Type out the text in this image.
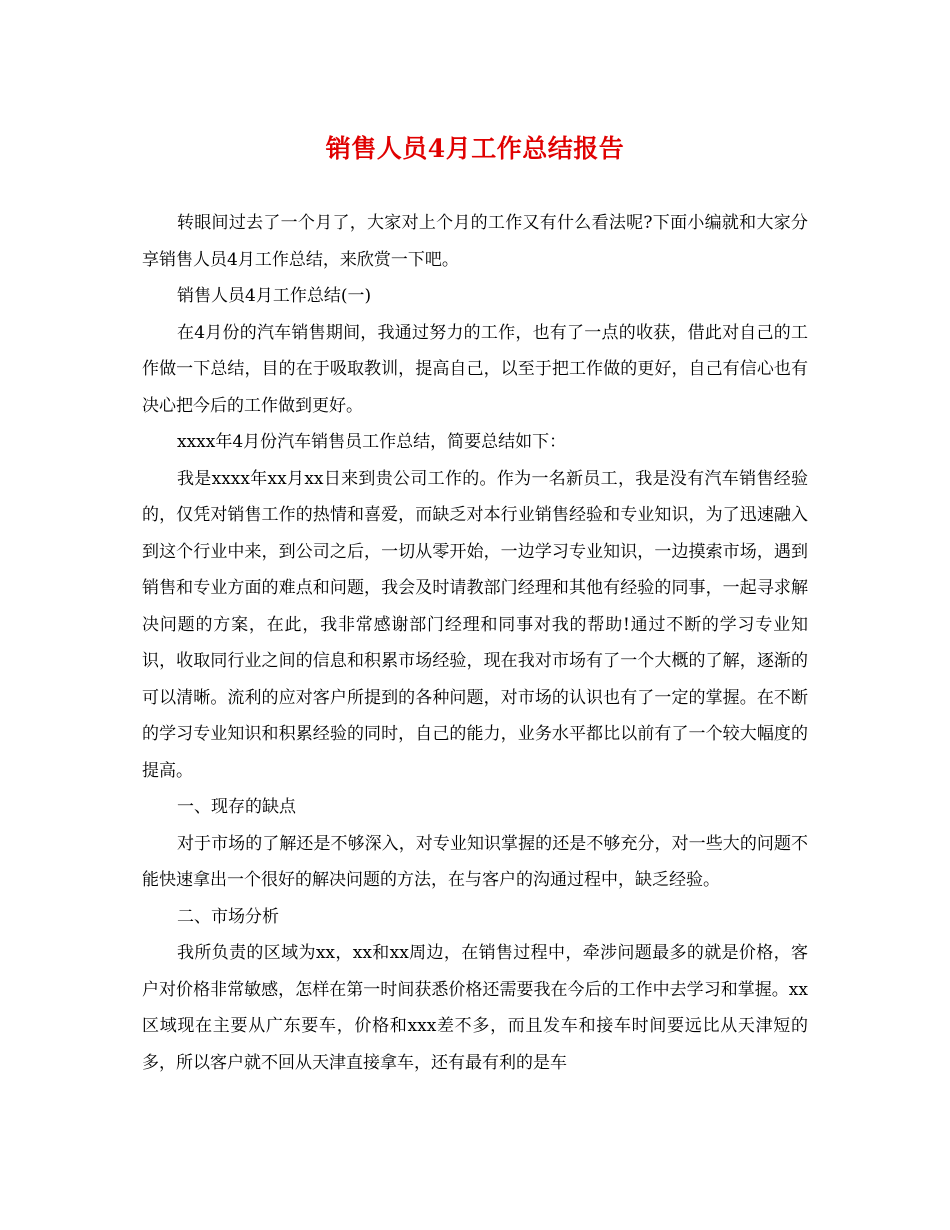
销售人员4月工作总结报告

转眼间过去了一个月了，大家对上个月的工作又有什么看法呢?下面小编就和大家分享销售人员4月工作总结，来欣赏一下吧。

销售人员4月工作总结(一)

在4月份的汽车销售期间，我通过努力的工作，也有了一点的收获，借此对自己的工作做一下总结，目的在于吸取教训，提高自己，以至于把工作做的更好，自己有信心也有决心把今后的工作做到更好。

xxxx年4月份汽车销售员工作总结，简要总结如下：

我是xxxx年xx月xx日来到贵公司工作的。作为一名新员工，我是没有汽车销售经验的，仅凭对销售工作的热情和喜爱，而缺乏对本行业销售经验和专业知识，为了迅速融入到这个行业中来，到公司之后，一切从零开始，一边学习专业知识，一边摸索市场，遇到销售和专业方面的难点和问题，我会及时请教部门经理和其他有经验的同事，一起寻求解决问题的方案，在此，我非常感谢部门经理和同事对我的帮助!通过不断的学习专业知识，收取同行业之间的信息和积累市场经验，现在我对市场有了一个大概的了解，逐渐的可以清晰。流利的应对客户所提到的各种问题，对市场的认识也有了一定的掌握。在不断的学习专业知识和积累经验的同时，自己的能力，业务水平都比以前有了一个较大幅度的提高。

一、现存的缺点

对于市场的了解还是不够深入，对专业知识掌握的还是不够充分，对一些大的问题不能快速拿出一个很好的解决问题的方法，在与客户的沟通过程中，缺乏经验。

二、市场分析

我所负责的区域为xx，xx和xx周边，在销售过程中，牵涉问题最多的就是价格，客户对价格非常敏感，怎样在第一时间获悉价格还需要我在今后的工作中去学习和掌握。xx区域现在主要从广东要车，价格和xxx差不多，而且发车和接车时间要远比从天津短的多，所以客户就不回从天津直接拿车，还有最有利的是车
